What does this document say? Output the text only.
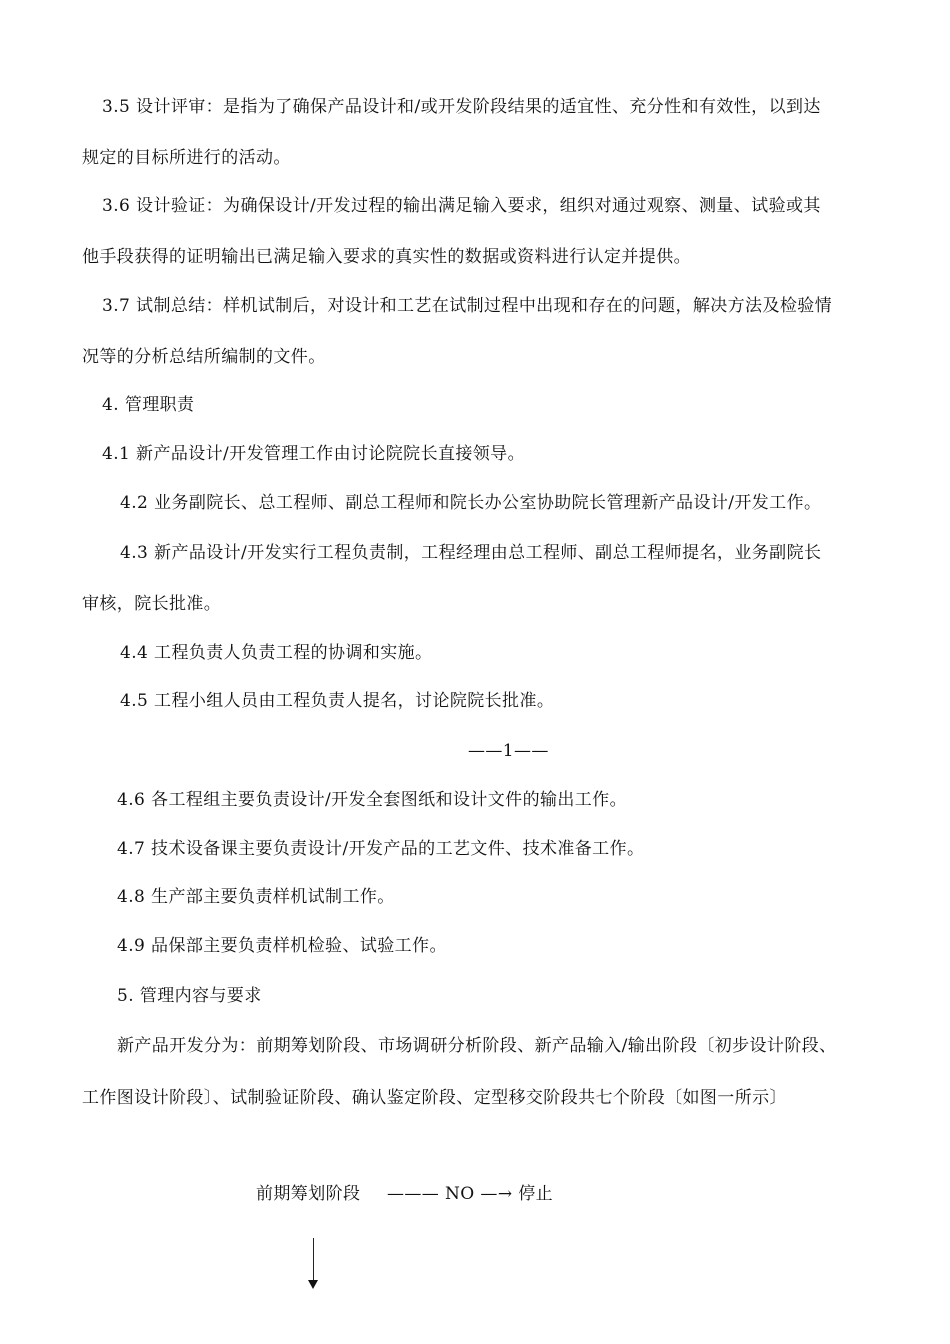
3.5 设计评审：是指为了确保产品设计和/或开发阶段结果的适宜性、充分性和有效性，以到达
规定的目标所进行的活动。
3.6 设计验证：为确保设计/开发过程的输出满足输入要求，组织对通过观察、测量、试验或其
他手段获得的证明输出已满足输入要求的真实性的数据或资料进行认定并提供。
3.7 试制总结：样机试制后，对设计和工艺在试制过程中出现和存在的问题，解决方法及检验情
况等的分析总结所编制的文件。
4. 管理职责
4.1 新产品设计/开发管理工作由讨论院院长直接领导。
4.2 业务副院长、总工程师、副总工程师和院长办公室协助院长管理新产品设计/开发工作。
4.3 新产品设计/开发实行工程负责制，工程经理由总工程师、副总工程师提名，业务副院长
审核，院长批准。
4.4 工程负责人负责工程的协调和实施。
4.5 工程小组人员由工程负责人提名，讨论院院长批准。
——1——
4.6 各工程组主要负责设计/开发全套图纸和设计文件的输出工作。
4.7 技术设备课主要负责设计/开发产品的工艺文件、技术准备工作。
4.8 生产部主要负责样机试制工作。
4.9 品保部主要负责样机检验、试验工作。
5. 管理内容与要求
新产品开发分为：前期筹划阶段、市场调研分析阶段、新产品输入/输出阶段〔初步设计阶段、
工作图设计阶段〕、试制验证阶段、确认鉴定阶段、定型移交阶段共七个阶段〔如图一所示〕
前期筹划阶段 ——— NO —→ 停止
